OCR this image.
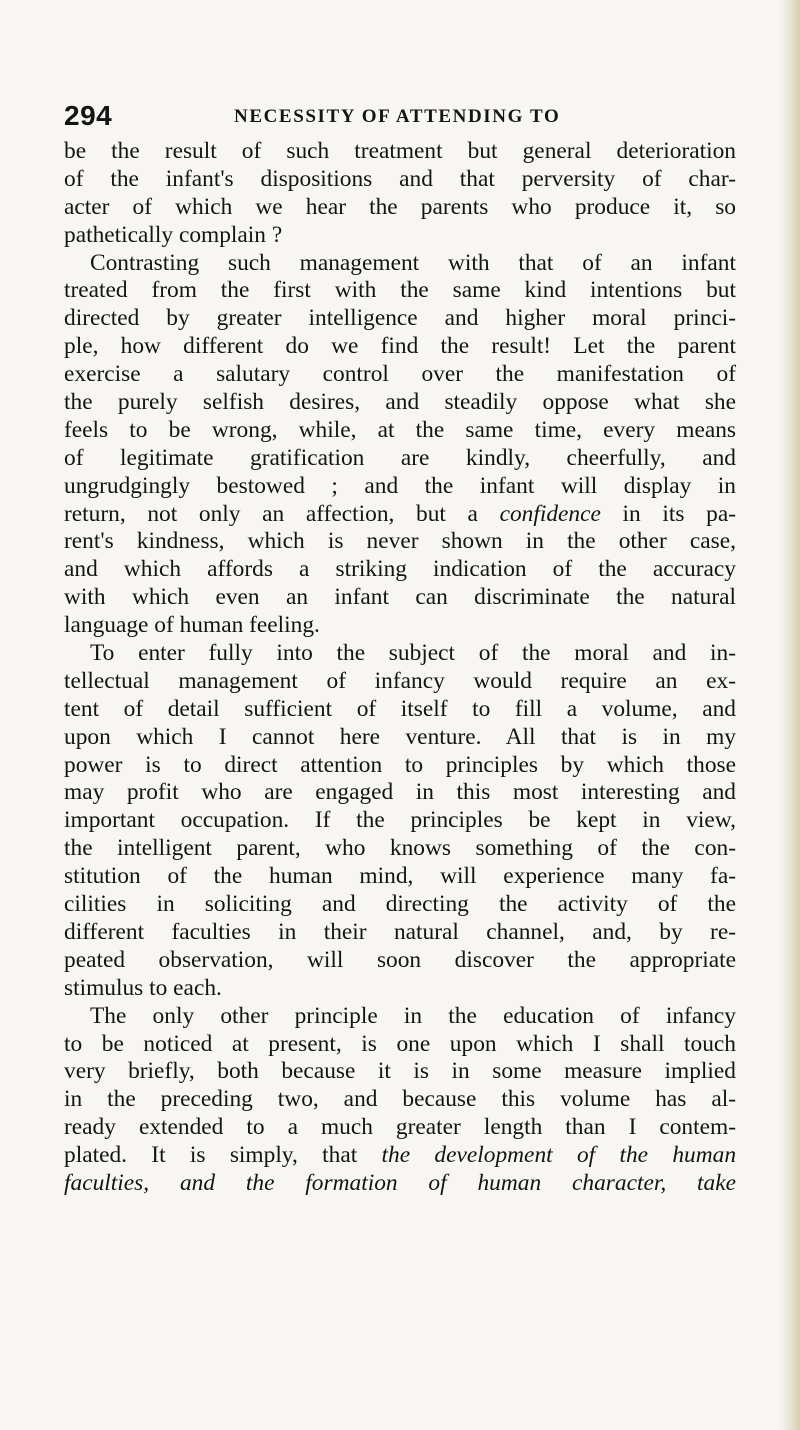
294	NECESSITY OF ATTENDING TO
be the result of such treatment but general deterioration
of the infant's dispositions and that perversity of char-
acter of which we hear the parents who produce it, so
pathetically complain ?
Contrasting such management with that of an infant
treated from the first with the same kind intentions but
directed by greater intelligence and higher moral princi-
ple, how different do we find the result! Let the parent
exercise a salutary control over the manifestation of
the purely selfish desires, and steadily oppose what she
feels to be wrong, while, at the same time, every means
of legitimate gratification are kindly, cheerfully, and
ungrudgingly bestowed ; and the infant will display in
return, not only an affection, but a confidence in its pa-
rent's kindness, which is never shown in the other case,
and which affords a striking indication of the accuracy
with which even an infant can discriminate the natural
language of human feeling.
To enter fully into the subject of the moral and in-
tellectual management of infancy would require an ex-
tent of detail sufficient of itself to fill a volume, and
upon which I cannot here venture. All that is in my
power is to direct attention to principles by which those
may profit who are engaged in this most interesting and
important occupation. If the principles be kept in view,
the intelligent parent, who knows something of the con-
stitution of the human mind, will experience many fa-
cilities in soliciting and directing the activity of the
different faculties in their natural channel, and, by re-
peated observation, will soon discover the appropriate
stimulus to each.
The only other principle in the education of infancy
to be noticed at present, is one upon which I shall touch
very briefly, both because it is in some measure implied
in the preceding two, and because this volume has al-
ready extended to a much greater length than I contem-
plated. It is simply, that the development of the human
faculties, and the formation of human character, take
